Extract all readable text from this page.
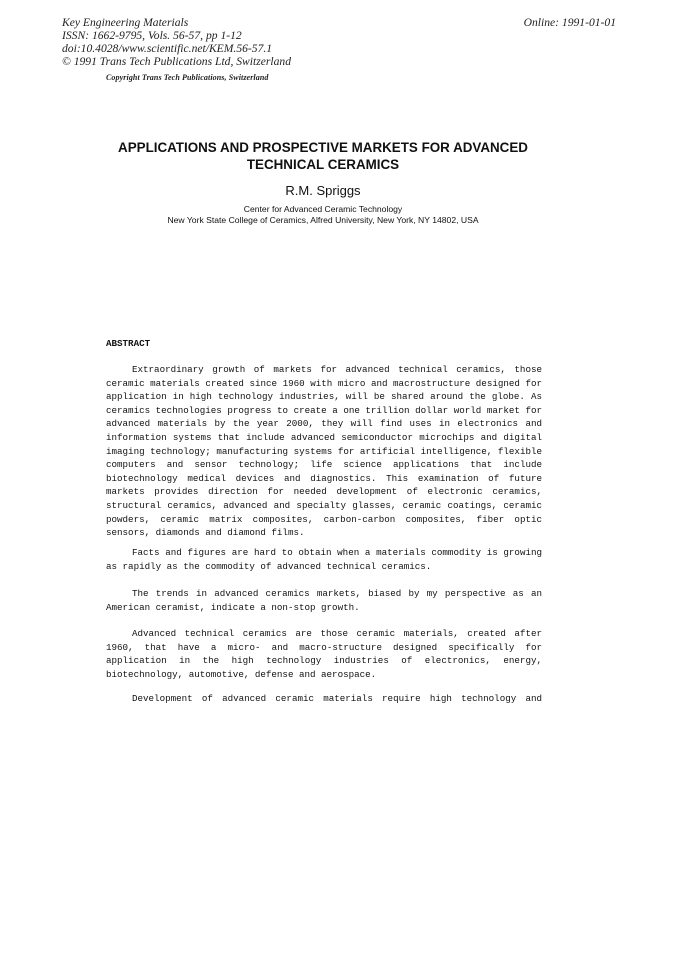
Key Engineering Materials
ISSN: 1662-9795, Vols. 56-57, pp 1-12
doi:10.4028/www.scientific.net/KEM.56-57.1
© 1991 Trans Tech Publications Ltd, Switzerland
Copyright Trans Tech Publications, Switzerland
Online: 1991-01-01
APPLICATIONS AND PROSPECTIVE MARKETS FOR ADVANCED
TECHNICAL CERAMICS
R.M. Spriggs
Center for Advanced Ceramic Technology
New York State College of Ceramics, Alfred University, New York, NY 14802, USA
ABSTRACT
Extraordinary growth of markets for advanced technical ceramics, those
ceramic materials created since 1960 with micro and macrostructure designed for
application in high technology industries, will be shared around the globe. As
ceramics technologies progress to create a one trillion dollar world market for
advanced materials by the year 2000, they will find uses in electronics and
information systems that include advanced semiconductor microchips and digital
imaging technology; manufacturing systems for artificial intelligence, flexible
computers and sensor technology; life science applications that include
biotechnology medical devices and diagnostics. This examination of future
markets provides direction for needed development of electronic ceramics,
structural ceramics, advanced and specialty glasses, ceramic coatings, ceramic
powders, ceramic matrix composites, carbon-carbon composites, fiber optic
sensors, diamonds and diamond films.
Facts and figures are hard to obtain when a materials commodity is growing
as rapidly as the commodity of advanced technical ceramics.
The trends in advanced ceramics markets, biased by my perspective as an
American ceramist, indicate a non-stop growth.
Advanced technical ceramics are those ceramic materials, created after
1960, that have a micro- and macro-structure designed specifically for
application in the high technology industries of electronics, energy,
biotechnology, automotive, defense and aerospace.
Development of advanced ceramic materials require high technology and
